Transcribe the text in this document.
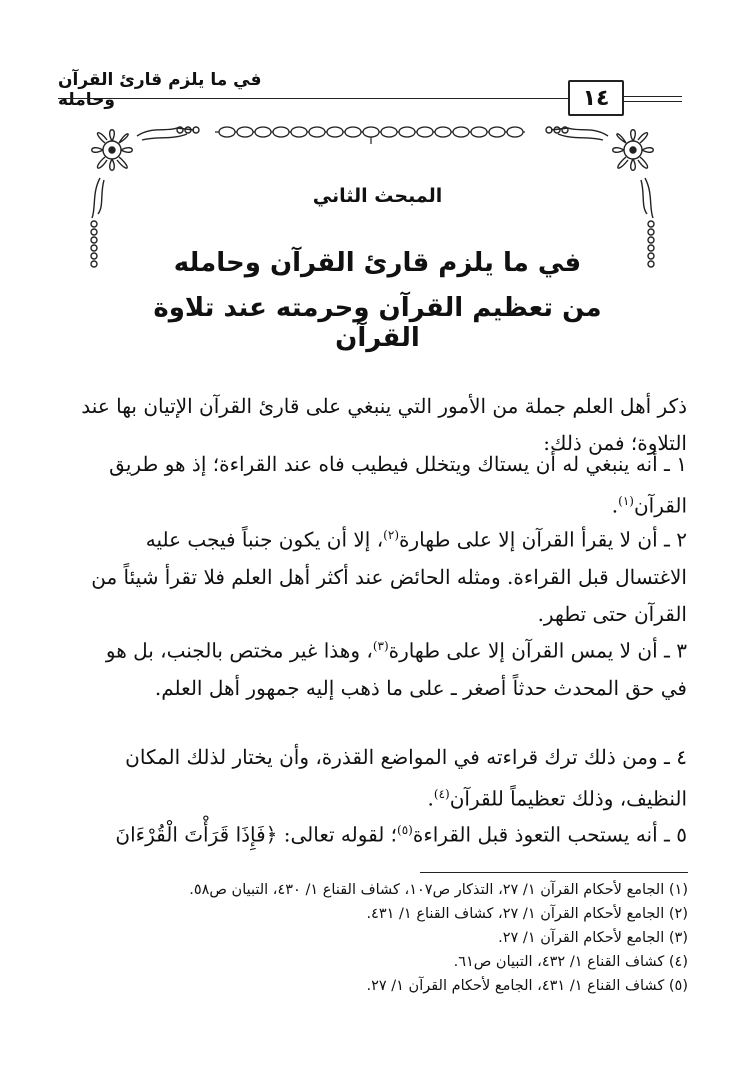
في ما يلزم قارئ القرآن وحامله	١٤
المبحث الثاني
في ما يلزم قارئ القرآن وحامله
من تعظيم القرآن وحرمته عند تلاوة القرآن

ذكر أهل العلم جملة من الأمور التي ينبغي على قارئ القرآن الإتيان بها عند التلاوة؛ فمن ذلك:

١ ـ أنه ينبغي له أن يستاك ويتخلل فيطيب فاه عند القراءة؛ إذ هو طريق القرآن$^{(١)}$.
٢ ـ أن لا يقرأ القرآن إلا على طهارة$^{(٢)}$، إلا أن يكون جنباً فيجب عليه الاغتسال قبل القراءة. ومثله الحائض عند أكثر أهل العلم فلا تقرأ شيئاً من القرآن حتى تطهر.
٣ ـ أن لا يمس القرآن إلا على طهارة$^{(٣)}$، وهذا غير مختص بالجنب، بل هو في حق المحدث حدثاً أصغر ـ على ما ذهب إليه جمهور أهل العلم.
٤ ـ ومن ذلك ترك قراءته في المواضع القذرة، وأن يختار لذلك المكان النظيف، وذلك تعظيماً للقرآن$^{(٤)}$.
٥ ـ أنه يستحب التعوذ قبل القراءة$^{(٥)}$؛ لقوله تعالى: ﴿فَإِذَا قَرَأْتَ الْقُرْءَانَ
(١) الجامع لأحكام القرآن ١/ ٢٧، التذكار ص١٠٧، كشاف القناع ١/ ٤٣٠، التبيان ص٥٨.
(٢) الجامع لأحكام القرآن ١/ ٢٧، كشاف القناع ١/ ٤٣١.
(٣) الجامع لأحكام القرآن ١/ ٢٧.
(٤) كشاف القناع ١/ ٤٣٢، التبيان ص٦١.
(٥) كشاف القناع ١/ ٤٣١، الجامع لأحكام القرآن ١/ ٢٧.
